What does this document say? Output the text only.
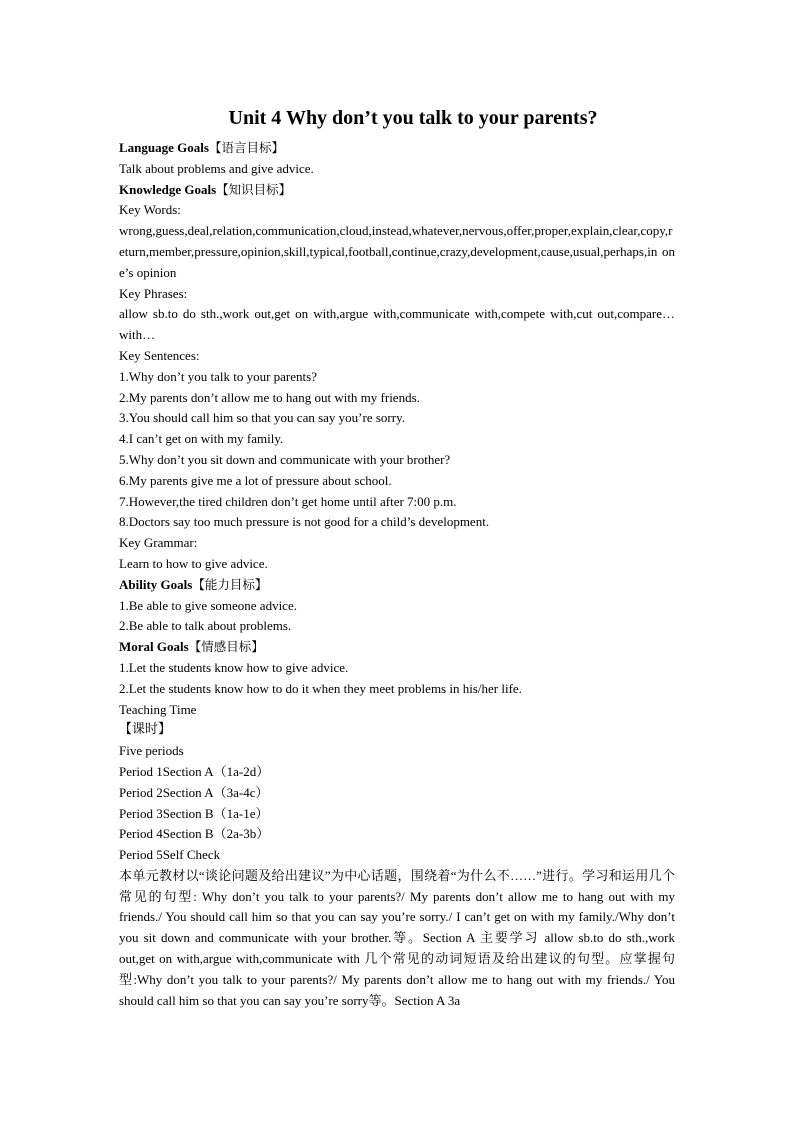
Unit 4 Why don’t you talk to your parents?

Language Goals【语言目标】

Talk about problems and give advice.

Knowledge Goals【知识目标】

Key Words:

wrong,guess,deal,relation,communication,cloud,instead,whatever,nervous,offer,proper,explain,clear,copy,return,member,pressure,opinion,skill,typical,football,continue,crazy,development,cause,usual,perhaps,in one’s opinion

Key Phrases:

allow sb.to do sth.,work out,get on with,argue with,communicate with,compete with,cut out,compare… with…

Key Sentences:

1.Why don’t you talk to your parents?

2.My parents don’t allow me to hang out with my friends.

3.You should call him so that you can say you’re sorry.

4.I can’t get on with my family.

5.Why don’t you sit down and communicate with your brother?

6.My parents give me a lot of pressure about school.

7.However,the tired children don’t get home until after 7:00 p.m.

8.Doctors say too much pressure is not good for a child’s development.

Key Grammar:

Learn to how to give advice.

Ability Goals【能力目标】

1.Be able to give someone advice.

2.Be able to talk about problems.

Moral Goals【情感目标】

1.Let the students know how to give advice.

2.Let the students know how to do it when they meet problems in his/her life.

Teaching Time

【课时】

Five periods

Period 1Section A（1a-2d）

Period 2Section A（3a-4c）

Period 3Section B（1a-1e）

Period 4Section B（2a-3b）

Period 5Self Check

本单元教材以“谈论问题及给出建议”为中心话题，围绕着“为什么不……”进行。学习和运用几个常见的句型: Why don’t you talk to your parents?/ My parents don’t allow me to hang out with my friends./ You should call him so that you can say you’re sorry./ I can’t get on with my family./Why don’t you sit down and communicate with your brother.等。Section A 主要学习 allow sb.to do sth.,work out,get on with,argue with,communicate with 几个常见的动词短语及给出建议的句型。应掌握句型:Why don’t you talk to your parents?/ My parents don’t allow me to hang out with my friends./ You should call him so that you can say you’re sorry等。Section A 3a
